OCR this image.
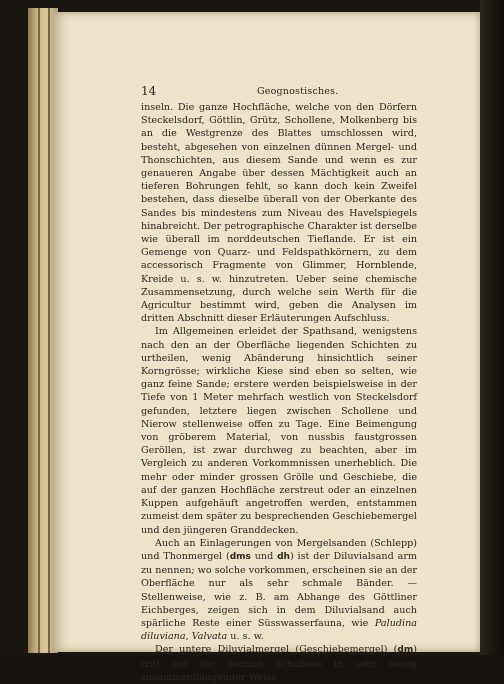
14	Geognostisches.

inseln. Die ganze Hochfläche, welche von den Dörfern Steckelsdorf, Göttlin, Grütz, Schollene, Molkenberg bis an die Westgrenze des Blattes umschlossen wird, besteht, abgesehen von einzelnen dünnen Mergel- und Thonschichten, aus diesem Sande und wenn es zur genaueren Angabe über dessen Mächtigkeit auch an tieferen Bohrungen fehlt, so kann doch kein Zweifel bestehen, dass dieselbe überall von der Oberkante des Sandes bis mindestens zum Niveau des Havelspiegels hinabreicht. Der petrographische Charakter ist derselbe wie überall im norddeutschen Tieflande. Er ist ein Gemenge von Quarz- und Feldspathkörnern, zu dem accessorisch Fragmente von Glimmer, Hornblende, Kreide u. s. w. hinzutreten. Ueber seine chemische Zusammensetzung, durch welche sein Werth für die Agricultur bestimmt wird, geben die Analysen im dritten Abschnitt dieser Erläuterungen Aufschluss.

Im Allgemeinen erleidet der Spathsand, wenigstens nach den an der Oberfläche liegenden Schichten zu urtheilen, wenig Abänderung hinsichtlich seiner Korngrösse; wirkliche Kiese sind eben so selten, wie ganz feine Sande; erstere werden beispielsweise in der Tiefe von 1 Meter mehrfach westlich von Steckelsdorf gefunden, letztere liegen zwischen Schollene und Nierow stellenweise offen zu Tage. Eine Beimengung von gröberem Material, von nussbis faustgrossen Geröllen, ist zwar durchweg zu beachten, aber im Vergleich zu anderen Vorkommnissen unerheblich. Die mehr oder minder grossen Grölle und Geschiebe, die auf der ganzen Hochfläche zerstreut oder an einzelnen Kuppen aufgehäuft angetroffen werden, entstammen zumeist dem später zu besprechenden Geschiebemergel und den jüngeren Granddecken.

Auch an Einlagerungen von Mergelsanden (Schlepp) und Thonmergel (dms und dh) ist der Diluvialsand arm zu nennen; wo solche vorkommen, erscheinen sie an der Oberfläche nur als sehr schmale Bänder. — Stellenweise, wie z. B. am Abhange des Göttliner Eichberges, zeigen sich in dem Diluvialsand auch spärliche Reste einer Süsswasserfauna, wie Paludina diluviana, Valvata u. s. w.

Der untere Diluvialmergel (Geschiebemergel) (dm) tritt auf der Section Schollene in sehr wenig zusammenhängender Weise
